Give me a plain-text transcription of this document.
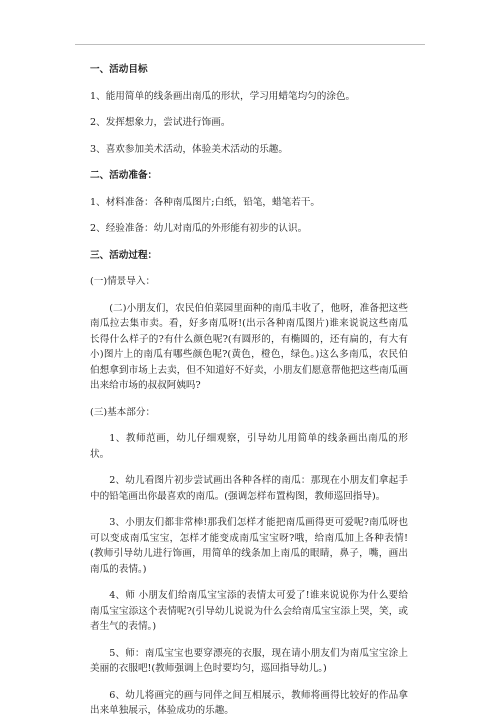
一、活动目标

1、能用简单的线条画出南瓜的形状，学习用蜡笔均匀的涂色。

2、发挥想象力，尝试进行饰画。

3、喜欢参加美术活动，体验美术活动的乐趣。

二、活动准备：

1、材料准备：各种南瓜图片;白纸，铅笔，蜡笔若干。

2、经验准备：幼儿对南瓜的外形能有初步的认识。

三、活动过程：

(一)情景导入：

(二)小朋友们，农民伯伯菜园里面种的南瓜丰收了，他呀，准备把这些南瓜拉去集市卖。看，好多南瓜呀!(出示各种南瓜图片)谁来说说这些南瓜长得什么样子的?有什么颜色呢?(有圆形的，有椭圆的，还有扁的，有大有小)图片上的南瓜有哪些颜色呢?(黄色，橙色，绿色。)这么多南瓜，农民伯伯想拿到市场上去卖，但不知道好不好卖，小朋友们愿意帮他把这些南瓜画出来给市场的叔叔阿姨吗?

(三)基本部分：

1、教师范画，幼儿仔细观察，引导幼儿用简单的线条画出南瓜的形状。

2、幼儿看图片初步尝试画出各种各样的南瓜：那现在小朋友们拿起手中的铅笔画出你最喜欢的南瓜。(强调怎样布置构图，教师巡回指导)。

3、小朋友们都非常棒!那我们怎样才能把南瓜画得更可爱呢?南瓜呀也可以变成南瓜宝宝，怎样才能变成南瓜宝宝呀?哦，给南瓜加上各种表情!(教师引导幼儿进行饰画，用简单的线条加上南瓜的眼睛，鼻子，嘴，画出南瓜的表情。)

4、师 小朋友们给南瓜宝宝添的表情太可爱了!谁来说说你为什么要给南瓜宝宝添这个表情呢?(引导幼儿说说为什么会给南瓜宝宝添上哭，笑，或者生气的表情。)

5、师：南瓜宝宝也要穿漂亮的衣服，现在请小朋友们为南瓜宝宝涂上美丽的衣服吧!(教师强调上色时要均匀，巡回指导幼儿。)

6、幼儿将画完的画与同伴之间互相展示，教师将画得比较好的作品拿出来单独展示，体验成功的乐趣。
